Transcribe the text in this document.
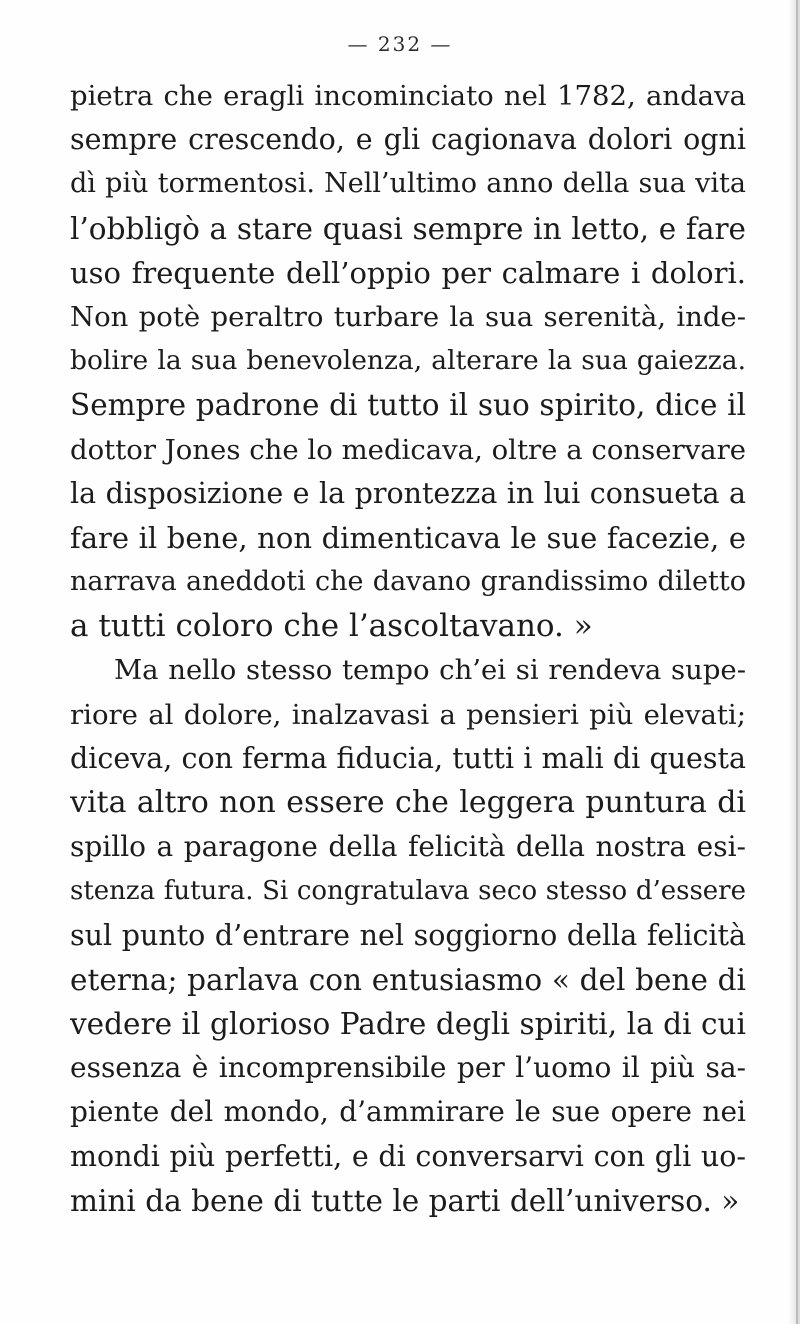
— 232 —
pietra che eragli incominciato nel 1782, andava
sempre crescendo, e gli cagionava dolori ogni
dì più tormentosi. Nell’ultimo anno della sua vita
l’obbligò a stare quasi sempre in letto, e fare
uso frequente dell’oppio per calmare i dolori.
Non potè peraltro turbare la sua serenità, inde-
bolire la sua benevolenza, alterare la sua gaiezza.
Sempre padrone di tutto il suo spirito, dice il
dottor Jones che lo medicava, oltre a conservare
la disposizione e la prontezza in lui consueta a
fare il bene, non dimenticava le sue facezie, e
narrava aneddoti che davano grandissimo diletto
a tutti coloro che l’ascoltavano. »
Ma nello stesso tempo ch’ei si rendeva supe-
riore al dolore, inalzavasi a pensieri più elevati;
diceva, con ferma fiducia, tutti i mali di questa
vita altro non essere che leggera puntura di
spillo a paragone della felicità della nostra esi-
stenza futura. Si congratulava seco stesso d’essere
sul punto d’entrare nel soggiorno della felicità
eterna; parlava con entusiasmo « del bene di
vedere il glorioso Padre degli spiriti, la di cui
essenza è incomprensibile per l’uomo il più sa-
piente del mondo, d’ammirare le sue opere nei
mondi più perfetti, e di conversarvi con gli uo-
mini da bene di tutte le parti dell’universo. »
